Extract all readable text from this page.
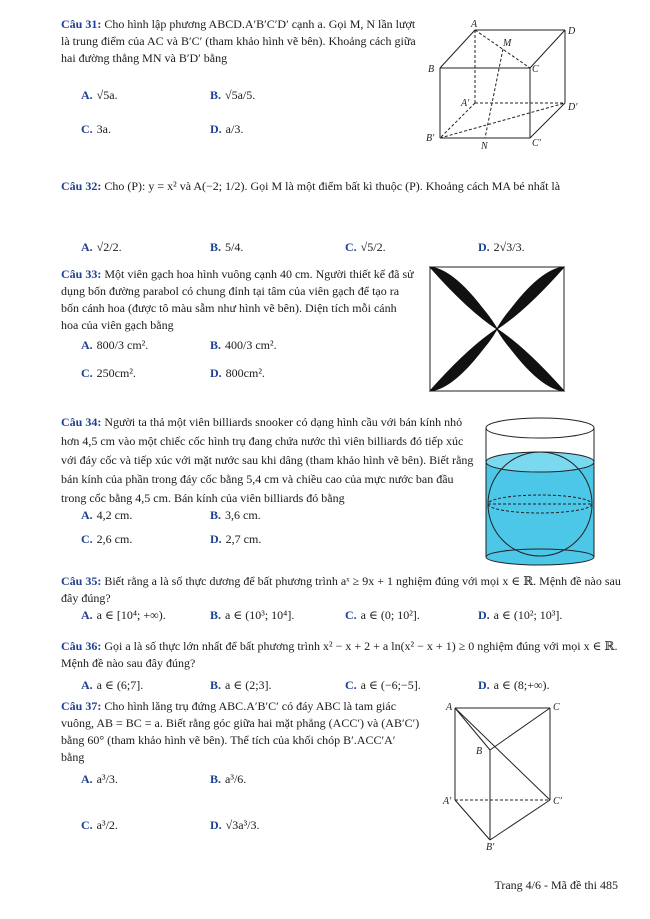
Câu 31: Cho hình lập phương ABCD.A′B′C′D′ cạnh a. Gọi M, N lần lượt là trung điểm của AC và B′C′ (tham khảo hình vẽ bên). Khoảng cách giữa hai đường thẳng MN và B′D′ bằng
A. √5a.	B. √5a/5.
C. 3a.	D. a/3.
A
M
D
B	C
A′	D′
B′
N	C′
Câu 32: Cho (P): y = x² và A(−2; 1/2). Gọi M là một điểm bất kì thuộc (P). Khoảng cách MA bé nhất là
A. √2/2.	B. 5/4.	C. √5/2.	D. 2√3/3.
Câu 33: Một viên gạch hoa hình vuông cạnh 40 cm. Người thiết kế đã sử dụng bốn đường parabol có chung đỉnh tại tâm của viên gạch để tạo ra bốn cánh hoa (được tô màu sẫm như hình vẽ bên). Diện tích mỗi cánh hoa của viên gạch bằng
A. 800/3 cm².	B. 400/3 cm².
C. 250cm².	D. 800cm².
Câu 34: Người ta thả một viên billiards snooker có dạng hình cầu với bán kính nhỏ hơn 4,5 cm vào một chiếc cốc hình trụ đang chứa nước thì viên billiards đó tiếp xúc với đáy cốc và tiếp xúc với mặt nước sau khi dâng (tham khảo hình vẽ bên). Biết rằng bán kính của phần trong đáy cốc bằng 5,4 cm và chiều cao của mực nước ban đầu trong cốc bằng 4,5 cm. Bán kính của viên billiards đó bằng
A. 4,2 cm.	B. 3,6 cm.
C. 2,6 cm.	D. 2,7 cm.
Câu 35: Biết rằng a là số thực dương để bất phương trình aˣ ≥ 9x + 1 nghiệm đúng với mọi x ∈ ℝ. Mệnh đề nào sau đây đúng?
A. a ∈ [10⁴; +∞).	B. a ∈ (10³; 10⁴].	C. a ∈ (0; 10²].	D. a ∈ (10²; 10³].
Câu 36: Gọi a là số thực lớn nhất để bất phương trình x² − x + 2 + a ln(x² − x + 1) ≥ 0 nghiệm đúng với mọi x ∈ ℝ. Mệnh đề nào sau đây đúng?
A. a ∈ (6;7].	B. a ∈ (2;3].	C. a ∈ (−6;−5].	D. a ∈ (8;+∞).
Câu 37: Cho hình lăng trụ đứng ABC.A′B′C′ có đáy ABC là tam giác vuông, AB = BC = a. Biết rằng góc giữa hai mặt phẳng (ACC′) và (AB′C′) bằng 60° (tham khảo hình vẽ bên). Thể tích của khối chóp B′.ACC′A′ bằng
A. a³/3.	B. a³/6.
C. a³/2.	D. √3a³/3.
A	C
B
A′	C′
B′
Trang 4/6 - Mã đề thi 485
